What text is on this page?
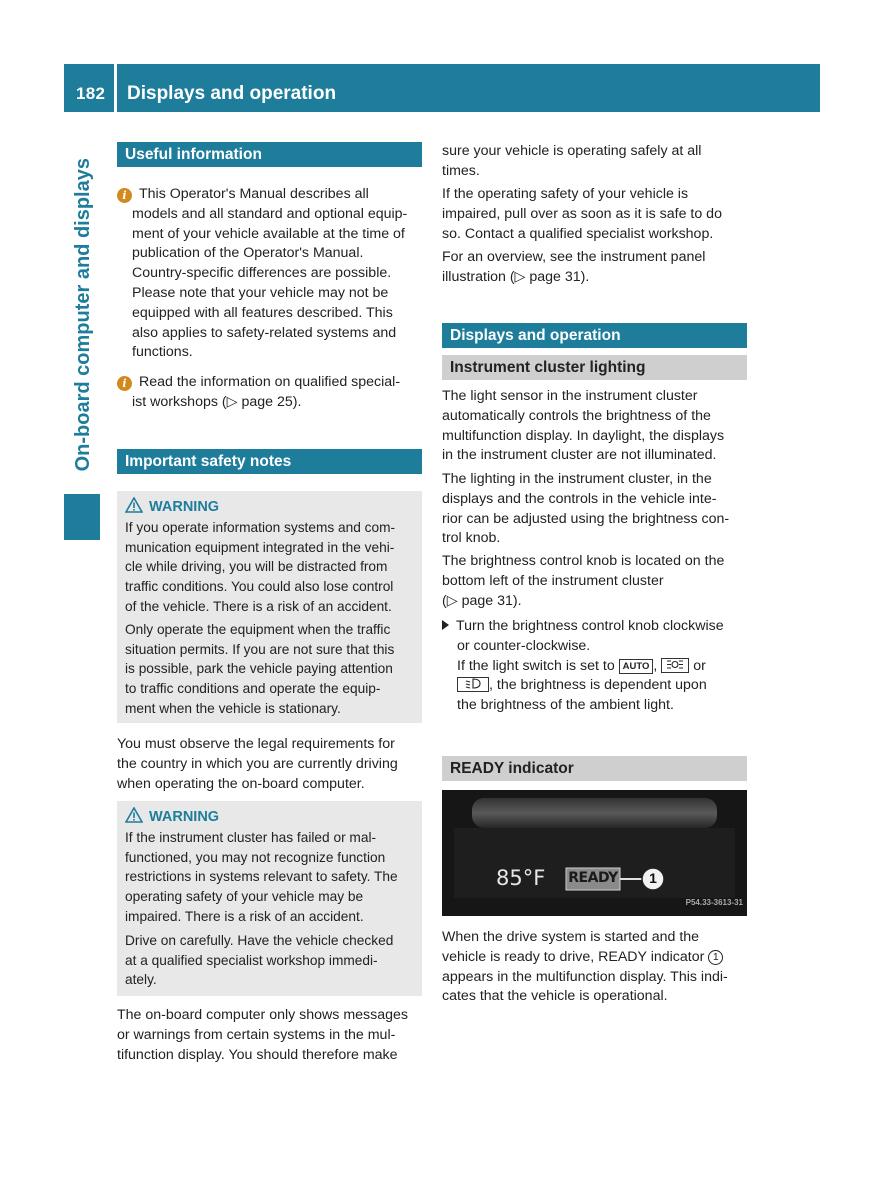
182 Displays and operation
On-board computer and displays
Useful information
i This Operator's Manual describes all
models and all standard and optional equip-
ment of your vehicle available at the time of
publication of the Operator's Manual.
Country-specific differences are possible.
Please note that your vehicle may not be
equipped with all features described. This
also applies to safety-related systems and
functions.
i Read the information on qualified special-
ist workshops (▷ page 25).
Important safety notes
WARNING
If you operate information systems and com-
munication equipment integrated in the vehi-
cle while driving, you will be distracted from
traffic conditions. You could also lose control
of the vehicle. There is a risk of an accident.
Only operate the equipment when the traffic
situation permits. If you are not sure that this
is possible, park the vehicle paying attention
to traffic conditions and operate the equip-
ment when the vehicle is stationary.
You must observe the legal requirements for
the country in which you are currently driving
when operating the on-board computer.
WARNING
If the instrument cluster has failed or mal-
functioned, you may not recognize function
restrictions in systems relevant to safety. The
operating safety of your vehicle may be
impaired. There is a risk of an accident.
Drive on carefully. Have the vehicle checked
at a qualified specialist workshop immedi-
ately.
The on-board computer only shows messages
or warnings from certain systems in the mul-
tifunction display. You should therefore make
sure your vehicle is operating safely at all
times.
If the operating safety of your vehicle is
impaired, pull over as soon as it is safe to do
so. Contact a qualified specialist workshop.
For an overview, see the instrument panel
illustration (▷ page 31).
Displays and operation
Instrument cluster lighting
The light sensor in the instrument cluster
automatically controls the brightness of the
multifunction display. In daylight, the displays
in the instrument cluster are not illuminated.
The lighting in the instrument cluster, in the
displays and the controls in the vehicle inte-
rior can be adjusted using the brightness con-
trol knob.
The brightness control knob is located on the
bottom left of the instrument cluster
(▷ page 31).
Turn the brightness control knob clockwise
or counter-clockwise.
If the light switch is set to AUTO ,	or
, the brightness is dependent upon
the brightness of the ambient light.
READY indicator
85°F READY	1
P54.33-3613-31
When the drive system is started and the
vehicle is ready to drive, READY indicator 1
appears in the multifunction display. This indi-
cates that the vehicle is operational.
